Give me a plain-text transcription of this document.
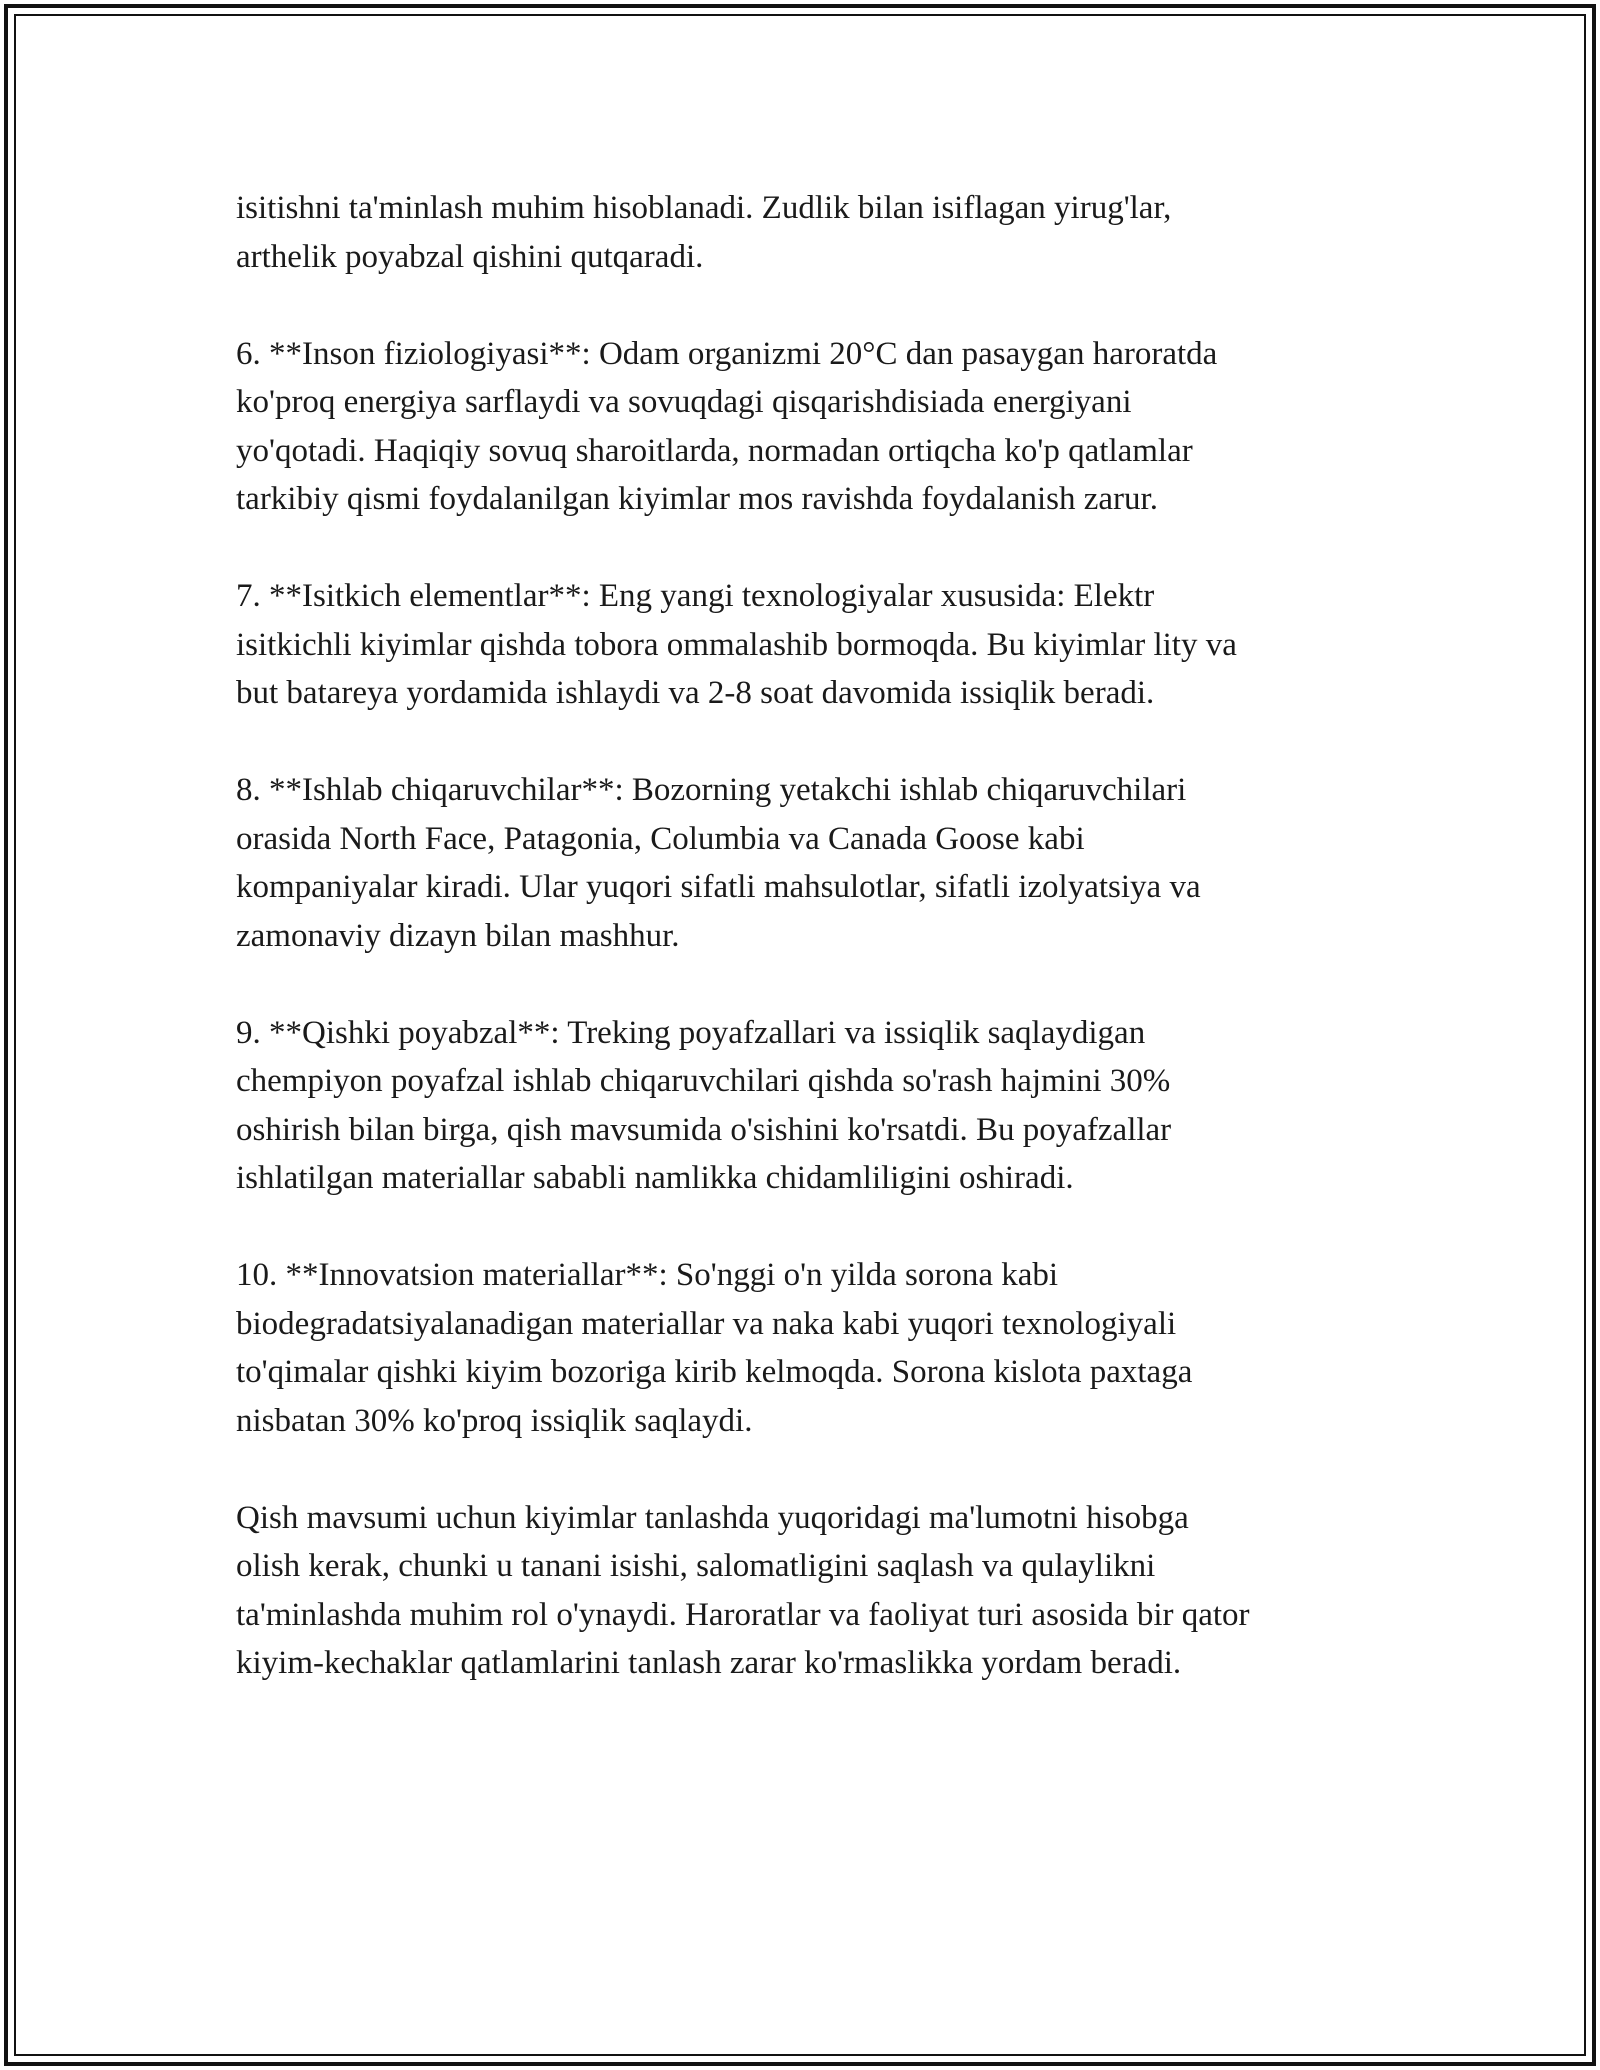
isitishni ta'minlash muhim hisoblanadi. Zudlik bilan isiflagan yirug'lar,
arthelik poyabzal qishini qutqaradi.

6. **Inson fiziologiyasi**: Odam organizmi 20°C dan pasaygan haroratda
ko'proq energiya sarflaydi va sovuqdagi qisqarishdisiada energiyani
yo'qotadi. Haqiqiy sovuq sharoitlarda, normadan ortiqcha ko'p qatlamlar
tarkibiy qismi foydalanilgan kiyimlar mos ravishda foydalanish zarur.

7. **Isitkich elementlar**: Eng yangi texnologiyalar xususida: Elektr
isitkichli kiyimlar qishda tobora ommalashib bormoqda. Bu kiyimlar lity va
but batareya yordamida ishlaydi va 2-8 soat davomida issiqlik beradi.

8. **Ishlab chiqaruvchilar**: Bozorning yetakchi ishlab chiqaruvchilari
orasida North Face, Patagonia, Columbia va Canada Goose kabi
kompaniyalar kiradi. Ular yuqori sifatli mahsulotlar, sifatli izolyatsiya va
zamonaviy dizayn bilan mashhur.

9. **Qishki poyabzal**: Treking poyafzallari va issiqlik saqlaydigan
chempiyon poyafzal ishlab chiqaruvchilari qishda so'rash hajmini 30%
oshirish bilan birga, qish mavsumida o'sishini ko'rsatdi. Bu poyafzallar
ishlatilgan materiallar sababli namlikka chidamliligini oshiradi.

10. **Innovatsion materiallar**: So'nggi o'n yilda sorona kabi
biodegradatsiyalanadigan materiallar va naka kabi yuqori texnologiyali
to'qimalar qishki kiyim bozoriga kirib kelmoqda. Sorona kislota paxtaga
nisbatan 30% ko'proq issiqlik saqlaydi.

Qish mavsumi uchun kiyimlar tanlashda yuqoridagi ma'lumotni hisobga
olish kerak, chunki u tanani isishi, salomatligini saqlash va qulaylikni
ta'minlashda muhim rol o'ynaydi. Haroratlar va faoliyat turi asosida bir qator
kiyim-kechaklar qatlamlarini tanlash zarar ko'rmaslikka yordam beradi.
